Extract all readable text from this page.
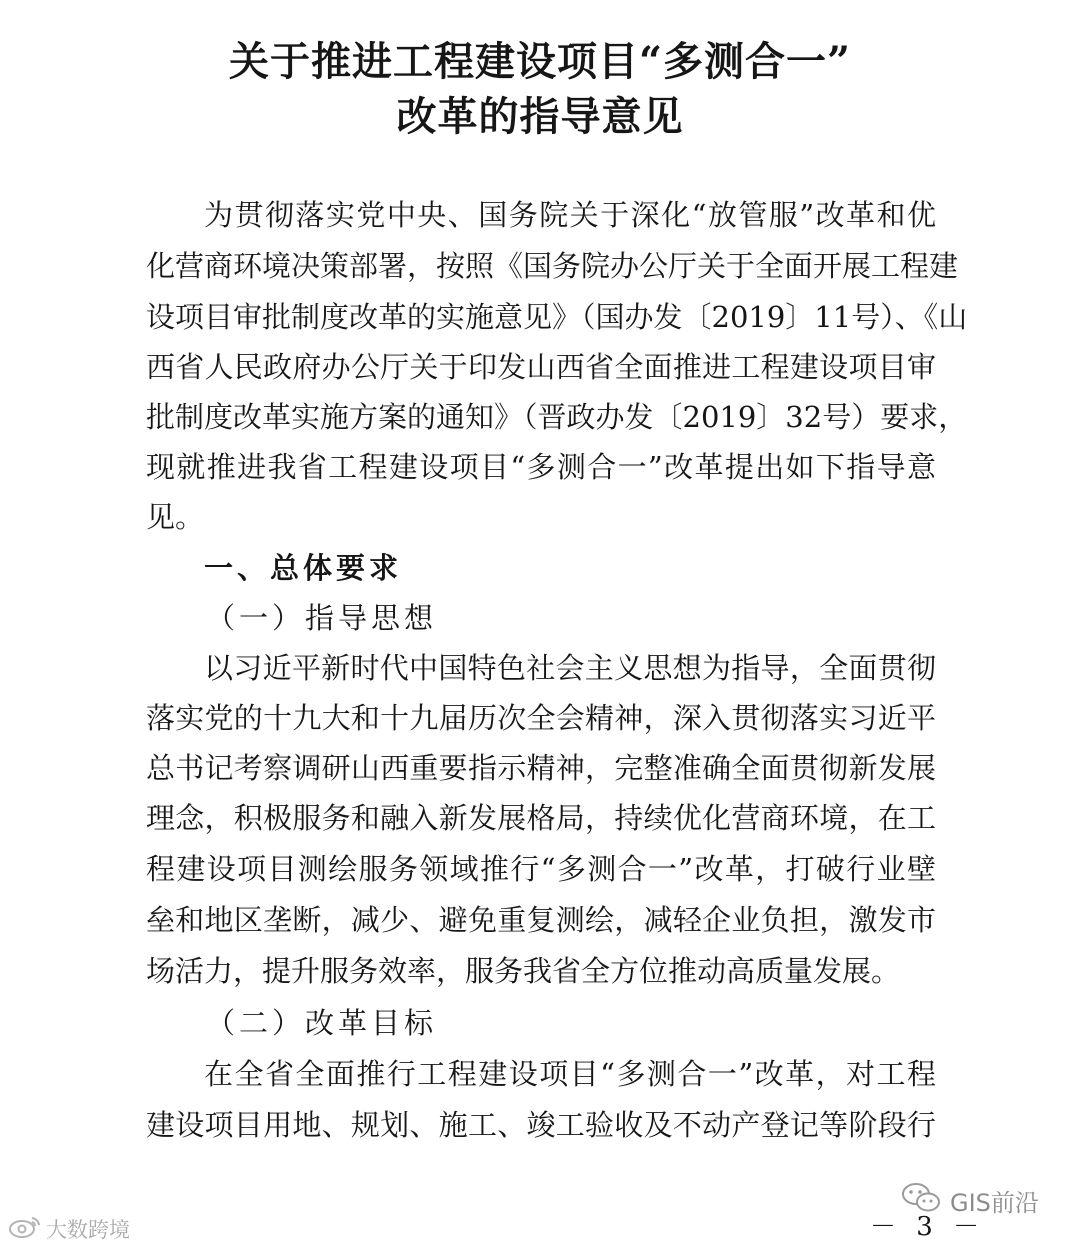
关于推进工程建设项目“多测合一”
改革的指导意见

为贯彻落实党中央、国务院关于深化“放管服”改革和优

化营商环境决策部署，按照《国务院办公厅关于全面开展工程建

设项目审批制度改革的实施意见》（国办发〔2019〕11号）、《山

西省人民政府办公厅关于印发山西省全面推进工程建设项目审

批制度改革实施方案的通知》（晋政办发〔2019〕32号）要求，

现就推进我省工程建设项目“多测合一”改革提出如下指导意

见。

一、总体要求

（一）指导思想

以习近平新时代中国特色社会主义思想为指导，全面贯彻

落实党的十九大和十九届历次全会精神，深入贯彻落实习近平

总书记考察调研山西重要指示精神，完整准确全面贯彻新发展

理念，积极服务和融入新发展格局，持续优化营商环境，在工

程建设项目测绘服务领域推行“多测合一”改革，打破行业壁

垒和地区垄断，减少、避免重复测绘，减轻企业负担，激发市

场活力，提升服务效率，服务我省全方位推动高质量发展。

（二）改革目标

在全省全面推行工程建设项目“多测合一”改革，对工程

建设项目用地、规划、施工、竣工验收及不动产登记等阶段行

－ 3 －
大数跨境
GIS前沿
